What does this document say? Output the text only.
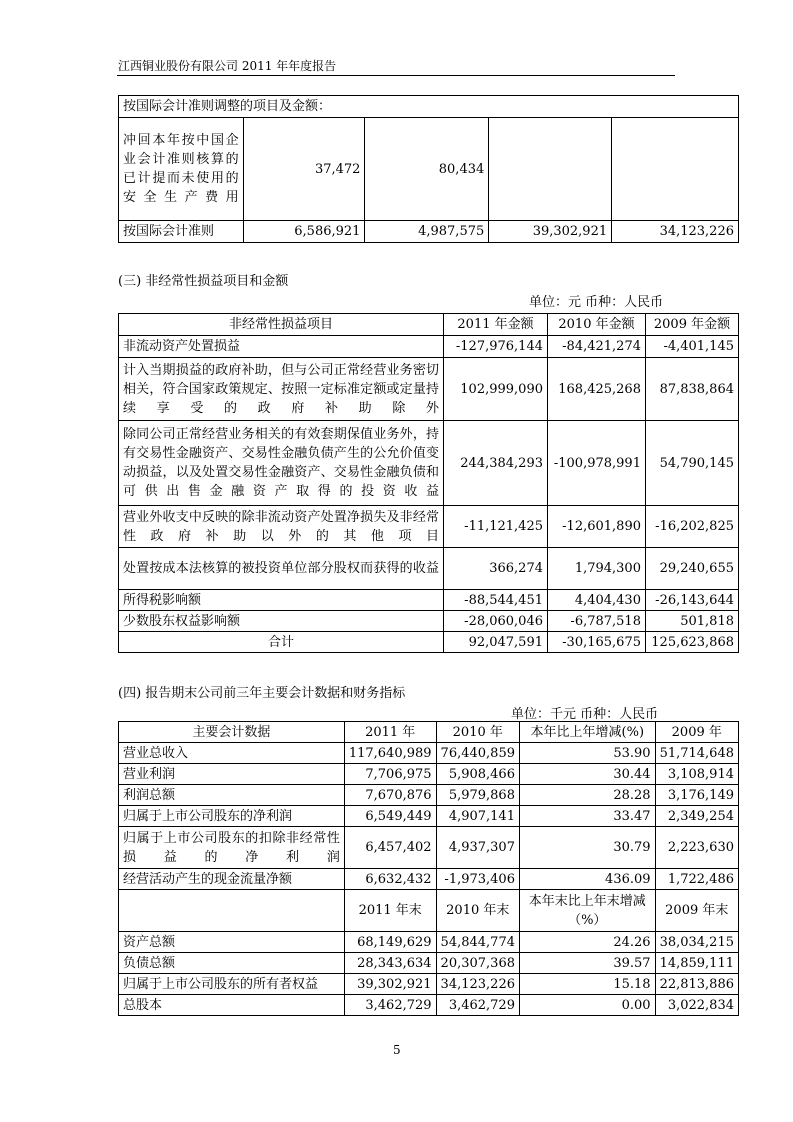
江西铜业股份有限公司 2011 年年度报告
按国际会计准则调整的项目及金额：				
冲回本年按中国企业会计准则核算的已计提而未使用的安全生产费用	37,472	80,434		
按国际会计准则	6,586,921	4,987,575	39,302,921	34,123,226
(三) 非经常性损益项目和金额
单位：元 币种：人民币
非经常性损益项目	2011 年金额	2010 年金额	2009 年金额
非流动资产处置损益	-127,976,144	-84,421,274	-4,401,145
计入当期损益的政府补助，但与公司正常经营业务密切相关，符合国家政策规定、按照一定标准定额或定量持续享受的政府补助除外	102,999,090	168,425,268	87,838,864
除同公司正常经营业务相关的有效套期保值业务外，持有交易性金融资产、交易性金融负债产生的公允价值变动损益，以及处置交易性金融资产、交易性金融负债和可供出售金融资产取得的投资收益	244,384,293	-100,978,991	54,790,145
营业外收支中反映的除非流动资产处置净损失及非经常性政府补助以外的其他项目	-11,121,425	-12,601,890	-16,202,825
处置按成本法核算的被投资单位部分股权而获得的收益	366,274	1,794,300	29,240,655
所得税影响额	-88,544,451	4,404,430	-26,143,644
少数股东权益影响额	-28,060,046	-6,787,518	501,818
合计	92,047,591	-30,165,675	125,623,868
(四) 报告期末公司前三年主要会计数据和财务指标
单位：千元 币种：人民币
主要会计数据	2011 年	2010 年	本年比上年增减(%)	2009 年
营业总收入	117,640,989	76,440,859	53.90	51,714,648
营业利润	7,706,975	5,908,466	30.44	3,108,914
利润总额	7,670,876	5,979,868	28.28	3,176,149
归属于上市公司股东的净利润	6,549,449	4,907,141	33.47	2,349,254
归属于上市公司股东的扣除非经常性损益的净利润	6,457,402	4,937,307	30.79	2,223,630
经营活动产生的现金流量净额	6,632,432	-1,973,406	436.09	1,722,486
	2011 年末	2010 年末	本年末比上年末增减（%）	2009 年末
资产总额	68,149,629	54,844,774	24.26	38,034,215
负债总额	28,343,634	20,307,368	39.57	14,859,111
归属于上市公司股东的所有者权益	39,302,921	34,123,226	15.18	22,813,886
总股本	3,462,729	3,462,729	0.00	3,022,834
5
